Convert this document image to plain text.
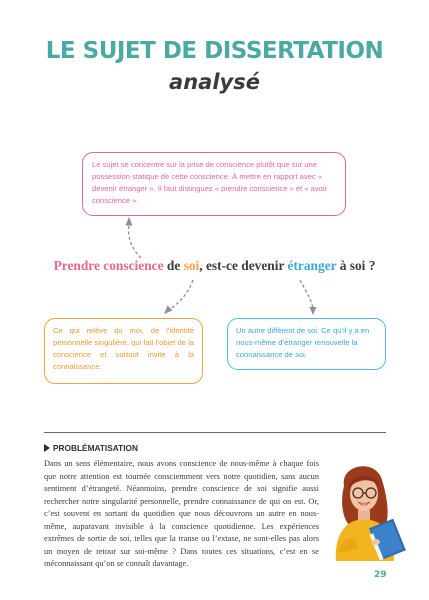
LE SUJET DE DISSERTATION
analysé
Le sujet se concentre sur la prise de conscience plutôt que sur une possession statique de cette conscience. À mettre en rapport avec « devenir étranger ». Il faut distinguez « prendre conscience » et « avoir conscience ».
Prendre conscience de soi, est-ce devenir étranger à soi ?
Ce qui relève du moi, de l’identité personnelle singulière, qui fait l’objet de la conscience et surtout invite à la connaissance.
Un autre différent de soi. Ce qu’il y a en nous-même d’étranger renouvelle la connaissance de soi.
PROBLÉMATISATION

Dans un sens élémentaire, nous avons conscience de nous-même à chaque fois que notre attention est tournée consciemment vers notre quotidien, sans aucun sentiment d’étrangeté. Néanmoins, prendre conscience de soi signifie aussi rechercher notre singularité personnelle, prendre connaissance de qui on est. Or, c’est souvent en sortant du quotidien que nous découvrons un autre en nous-même, auparavant invisible à la conscience quotidienne. Les expériences extrêmes de sortie de soi, telles que la transe ou l’extase, ne sont-elles pas alors un moyen de retour sur soi-même ? Dans toutes ces situations, c’est en se méconnaissant qu’on se connaît davantage.

29
